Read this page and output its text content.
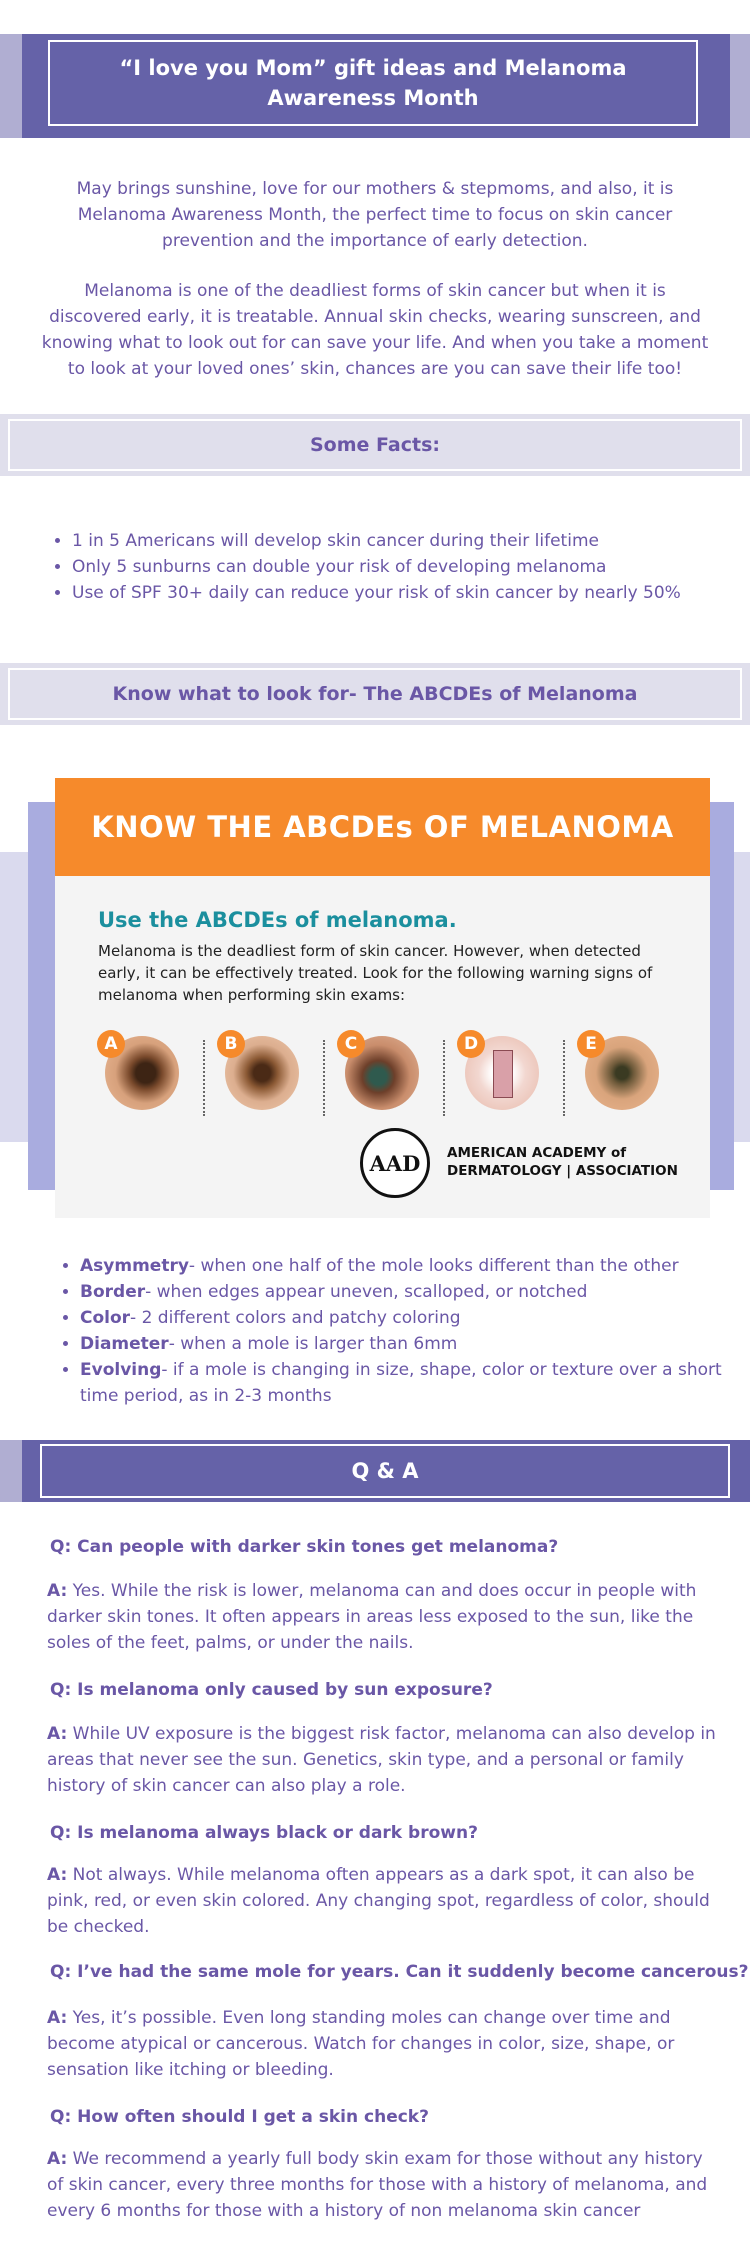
“I love you Mom” gift ideas and Melanoma Awareness Month

May brings sunshine, love for our mothers & stepmoms, and also, it is Melanoma Awareness Month, the perfect time to focus on skin cancer prevention and the importance of early detection.

Melanoma is one of the deadliest forms of skin cancer but when it is discovered early, it is treatable. Annual skin checks, wearing sunscreen, and knowing what to look out for can save your life. And when you take a moment to look at your loved ones’ skin, chances are you can save their life too!

Some Facts:
• 1 in 5 Americans will develop skin cancer during their lifetime
• Only 5 sunburns can double your risk of developing melanoma
• Use of SPF 30+ daily can reduce your risk of skin cancer by nearly 50%
Know what to look for- The ABCDEs of Melanoma
KNOW THE ABCDEs OF MELANOMA
Use the ABCDEs of melanoma.
Melanoma is the deadliest form of skin cancer. However, when detected early, it can be effectively treated. Look for the following warning signs of melanoma when performing skin exams:
A	B	C	D	E
AAD AMERICAN ACADEMY of
DERMATOLOGY | ASSOCIATION
• Asymmetry- when one half of the mole looks different than the other
• Border- when edges appear uneven, scalloped, or notched
• Color- 2 different colors and patchy coloring
• Diameter- when a mole is larger than 6mm
• Evolving- if a mole is changing in size, shape, color or texture over a short time period, as in 2-3 months
Q & A
Q: Can people with darker skin tones get melanoma?

A: Yes. While the risk is lower, melanoma can and does occur in people with darker skin tones. It often appears in areas less exposed to the sun, like the soles of the feet, palms, or under the nails.

Q: Is melanoma only caused by sun exposure?

A: While UV exposure is the biggest risk factor, melanoma can also develop in areas that never see the sun. Genetics, skin type, and a personal or family history of skin cancer can also play a role.

Q: Is melanoma always black or dark brown?

A: Not always. While melanoma often appears as a dark spot, it can also be pink, red, or even skin colored. Any changing spot, regardless of color, should be checked.

Q: I’ve had the same mole for years. Can it suddenly become cancerous?

A: Yes, it’s possible. Even long standing moles can change over time and become atypical or cancerous. Watch for changes in color, size, shape, or sensation like itching or bleeding.

Q: How often should I get a skin check?

A: We recommend a yearly full body skin exam for those without any history of skin cancer, every three months for those with a history of melanoma, and every 6 months for those with a history of non melanoma skin cancer
